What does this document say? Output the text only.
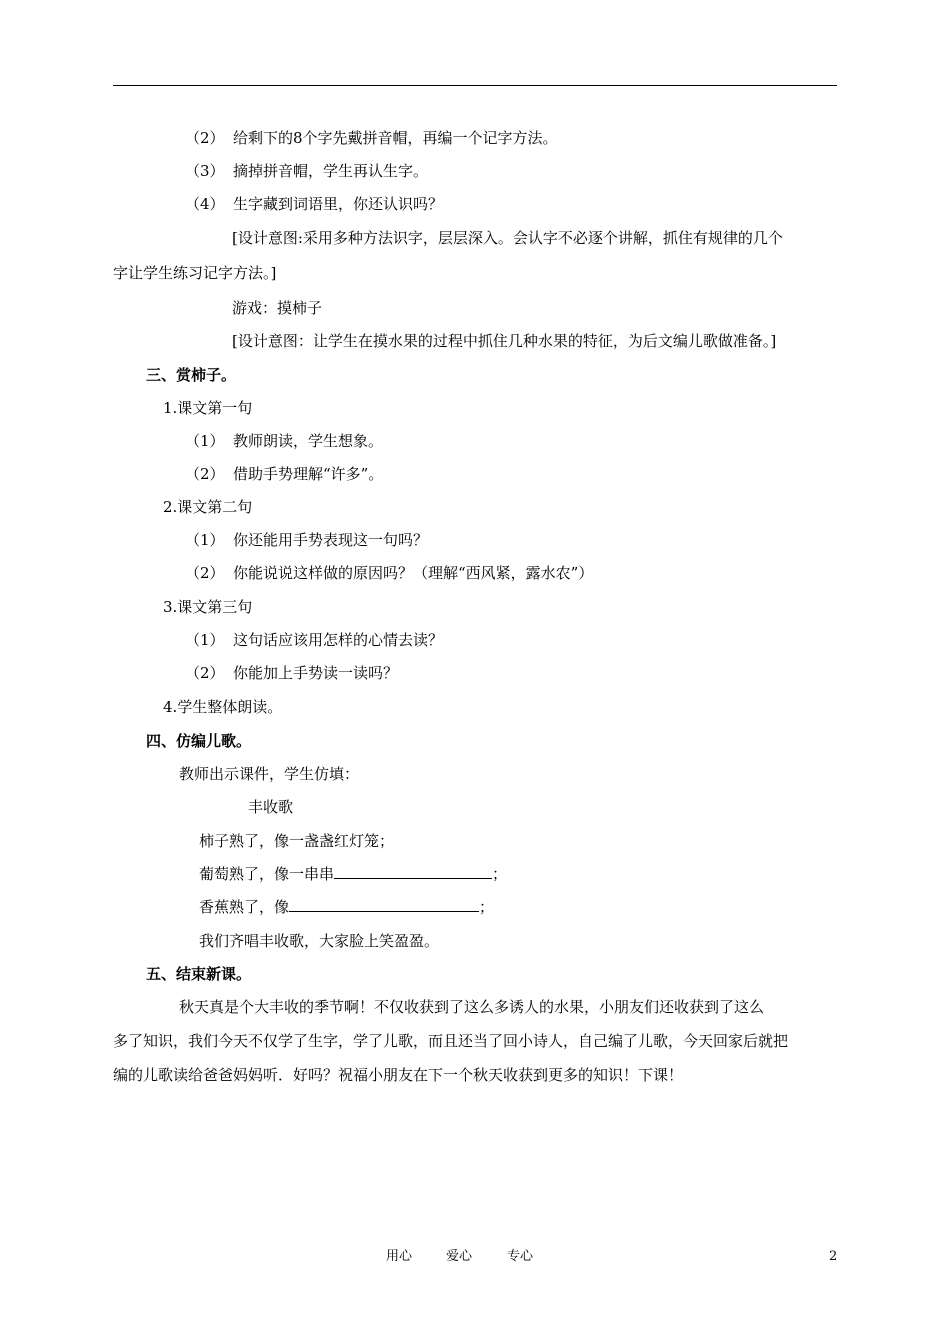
（2） 给剩下的8个字先戴拼音帽，再编一个记字方法。
（3） 摘掉拼音帽，学生再认生字。
（4） 生字藏到词语里，你还认识吗？
[设计意图:采用多种方法识字，层层深入。会认字不必逐个讲解，抓住有规律的几个
字让学生练习记字方法。]
游戏：摸柿子
[设计意图：让学生在摸水果的过程中抓住几种水果的特征，为后文编儿歌做准备。]
三、赏柿子。
1.课文第一句
（1） 教师朗读，学生想象。
（2） 借助手势理解“许多”。
2.课文第二句
（1） 你还能用手势表现这一句吗？
（2） 你能说说这样做的原因吗？（理解“西风紧，露水农”）
3.课文第三句
（1） 这句话应该用怎样的心情去读？
（2） 你能加上手势读一读吗？
4.学生整体朗读。
四、仿编儿歌。
教师出示课件，学生仿填：
丰收歌
柿子熟了，像一盏盏红灯笼；
葡萄熟了，像一串串	；
香蕉熟了，像	；
我们齐唱丰收歌，大家脸上笑盈盈。
五、结束新课。
秋天真是个大丰收的季节啊！不仅收获到了这么多诱人的水果，小朋友们还收获到了这么
多了知识，我们今天不仅学了生字，学了儿歌，而且还当了回小诗人，自己编了儿歌，今天回家后就把
编的儿歌读给爸爸妈妈听．好吗？祝福小朋友在下一个秋天收获到更多的知识！下课！
用心	爱心	专心	2
